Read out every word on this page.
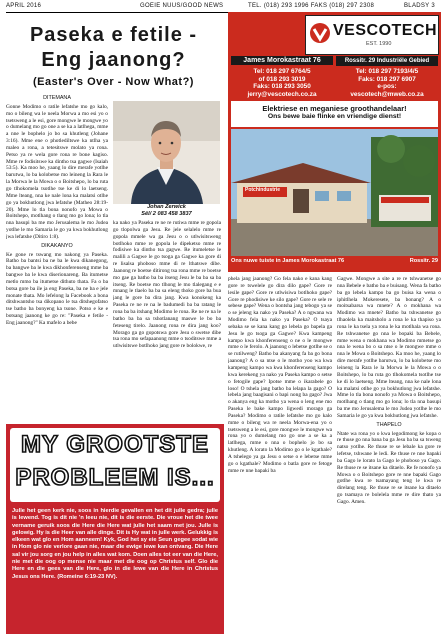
APRIL 2016	GOEIE NUUS/GOOD NEWS	TEL. (018) 293 1996 FAKS (018) 297 2308	BLADSY 3
Paseka e fetile -
Eng jaanong?
(Easter's Over - Now What?)

DITEMANA

Gonne Modimo o ratile lefatshe mo go kalo, mo o bileng wa le neela Morwa a mo esi yo o tsetsweng a le esi, gore mongwe le mongwe yo o dumelang mo go one a se ka a latlhega, mme a nne le bophelo jo bo sa khutleng (Johane 3:16). Mme ene o photlediltswe ka ntlha ya maleo a rona, a tetesitswe molato ya rona. Petso ya re wela gore rona re bone kagiso. Mme re fodisitswe ka dintho tsa gagwe (Isaiah 53:5). Ka moo he, yaang lo dire merafe yotlhe barutwa, lo ba kolobetse mo leineng la Rara le la Morwa le la Mowa o o Boitshepo, lo ba ruta go tlhokomela tsotlhe tse ke di lo laetseng. Mme lteang, nna ke nale lona ka malatsi otlhe go ya bokhutlong jwa lefatshe (Matheo 28:19-20). Mme lo tla bona nonofo ya Mowa o Boitshepo, motlhang o tlang mo go lona; lo tla nna basupi ba me mo Jerusalema le mo Judea yotlhe le mo Samaria le go ya kwa bokhutlong jwa lefatshe (Ditiro 1:8).

DIKAKANYO

Ke gone re tswang mo nakong ya Paseka. Batho ba bantsi ba ne ba le kwa dikanegong, ba bangwe ba le kwa dikhonferenseng mme ba bangwe ba le kwa diserionareng. Ba itumetse metlo mmo ba itumetse dithuto thata. Fa o ba botsa gore ba ile ja eng Paseka, ba ne ba e jele monate thata. Mo lefelong la Facebook a bona ditshwantsho tsa dikopano le tsa ditshegofatso tse batho ba bonyeng ka tsone. Potso e ke e botsang jaanong ke go re: "Paseka e fetile - Eng jaanong?" Ka mafelo a bebe

Johan Zerwick
Sêl/ 2 083 458 3837

ka nako ya Paseka re ne re rutiwa mme re gopola go tlopolwa ga Jesu. Re jele selalelo mme re gopola mmele wa ga Jesu o o utlwisitsweng botlhoko mme re gopola le dipeketso mme re fodisiwe ka dintho tsa gagwe. Re itumeletse le malili a Gagwe le go tsoga ga Gagwe ka gore di re lisalsa phoboso mme di re lthatswe dibe. Jaanong re boetse ditirong tsa rona mme re boetse mo gae ga batho ba ba itseng Jesu le ba ba sa ba itseng. Re boetse mo tlhong le mo tlalegang e e mnang le tlaelo ba ba sa eleng thoko gore ba bua jang le gore ba dira jang. Kwa konokeng ka Paseka re ne re na le badumedi ba ba ratang le rona ba ba itshang Modimo le rona. Re ne re na le batho ba ba sa tshotlanang maswe le bo ba feteseng tirelo. Jaanong rona re dira jang koo? Morago ga go gopotswa gore Jesu o swetse dibe tsa rona mo sefapaanong mme o tsoditswe mme a utlwisitswe botlhoko jang gore re bolokwe, re

VESCOTECH
EST. 1990
James Morokastraat 76	Rossitr. 29 Industriële Gebied
Tel: 018 297 6764/5
of 018 293 3019
Faks: 018 293 3050
jerry@vescotech.co.za
Tel: 018 297 7193/4/5
Faks: 018 297 6907
e-pos:
vescotech@mweb.co.za
Elektriese en meganiese groothandelaar!
Ons bewe baie flinke en vriendige dienst!
Potchindustrie
Ons nuwe tuiste in James Morokastraat 76	Rossitr. 29

phela jang jaanong? Go fela nako e kana kang gore re tswelele go dira dilo gape? Gore re lesile gape? Gore re utlwisiwa botlhoko gape? Gore re phodisiwe ke silo gape? Gore re sele re sebese gape? Wena o bontsha jang tebogo ya se o se jeleng ka nako ya Paseka? A o ngwana wa Modimo fela ka nako ya Paseka? O tsaya sebaka se se kana kang go lebela go bapela ga Jesu le go tsoga ga Gagwe? Kwa kampeng kampo kwa khonferenseng o ne o le mongwe mme o le ferolo. A jaanong o lebetse gotlhe se o se rutilweng? Batho ba akanyang fa ba go bona jaanong? A o sa ntse o le motho yoo wa kwa kampeng kampo wa kwa khonferenseng kampo kwa kerekeng ya nako ya Paseka kampo o setse o fetogile gape? Ipotse mme o ikarabele go loso! O tshela jang batho ba lelapa la gago? O lebela jang baagisani o bapi nong ba gago? Jwa o akanya eng ka motho ya wena o leng ene mo Paseka le bake kampo ligwedi morago ga Paseka? Modimo o ratile lefatshe mo go kalo mme o bileng wa re neela Morwa-ena yo o tsetsweng a le esi, gore mongwe le mongwe wa rona yo o dumelang mo go one a se ka a latlhega, mme o nna o bophelo jo bo sa khutleng. A lorato la Modimo go o le kgathale? A tshelego ya ga Jesu o setse o e lebetse mme go o kgathale? Modimo o batla gore re fetoge mme re nne bapaki ba

Gagwe. Mongwe a site a re re tshwanetse go nna Bebele e batho ba e buisang. Wena fa batho ba go lebela kampo ba go buisa ka wena o iphitlhela Mokeresete, ba bonang? A o moitsabarsa wa mnete? A o mokhana wa Modimo wa mnete? Batho ba tshwanetse go tlhaolela ka maitsholo a rona le ka thapiso ya rona le ka tsela ya rona le ka motlhala wa rona. Re tshwanetse go nna le bopaki ba Bebele, mme wena o mokhana wa Modimo mmetse go nna le wena bo o sa ntse o le mongwe mme o nna le Mowa o Boitshepo. Ka moo he, yaang lo dire merafe yotlhe barutwa, lo ba kolobetse mo leineng la Rara le la Morwa le la Mowa o o Boitshepo, lo ba ruta go tlhokomela tsotlhe tse ke di lo laetseng. Mme lteang, nna ke nale lona ka malatsi otlhe go ya bokhutlong jwa lefatshe. Mme lo tla bona nonofo ya Mowa o Boitshepo, motlhang o tlang mo go lona; lo tla nna basupi ba me mo Jerusalema le mo Judea yotlhe le mo Samaria le go ya kwa bokhutlong jwa lefatshe.

THAPELO

Ntate wa rona yo o kwa legodimong ke kopa o re thuse go nna bana ba ga Jesu ba ba sa tsweng natso yotlhe. Re thuse re se lebale ka gore re lefetse, tshwane le ledi. Re thuse re nne bapaki ba Gago le lorato la Gago le phoboso ya Gago. Re thuse re se itsane ka ditaelo. Re fe nonofo ya Mowa o o Boitshepo gore re nne bapaki Gago gotlhe kwa re tsamayang teng le kwa re direlang teng. Re thuse re se itsane ka ditaelo go tsamaya re bolelela mme re dire thato ya Gago. Amen.

MY GROOTSTE
PROBLEEM IS...
Julle het geen kerk nie, soos in hierdie gevallen en het dit julle gedra; julle is lewend. Tog is dit nie 'n leeu nie, dit is die eerste. Die vroue het die twee vername geruik soos die Here die Here wat julle het saam met jou. Julle is gelowig. Hy is die Heer van alle dinge. Dit is Hy wat in julle werk. Gelukkig is elkeen wat glo en Hom aanneem! Kyk, God het sy eie Seun gegee sodat wie in Hom glo nie verlore gaan nie, maar die ewige lewe kan ontvang. Die Here sal vir jou sorg en jou help in alles wat kom. Doen alles tot eer van die Here, nie met die oog op mense nie maar met die oog op Christus self. Glo die Here en die gees van die Here, glo in die lewe van die Here in Christus Jesus ons Here. (Romeine 6:19-23 NV).
